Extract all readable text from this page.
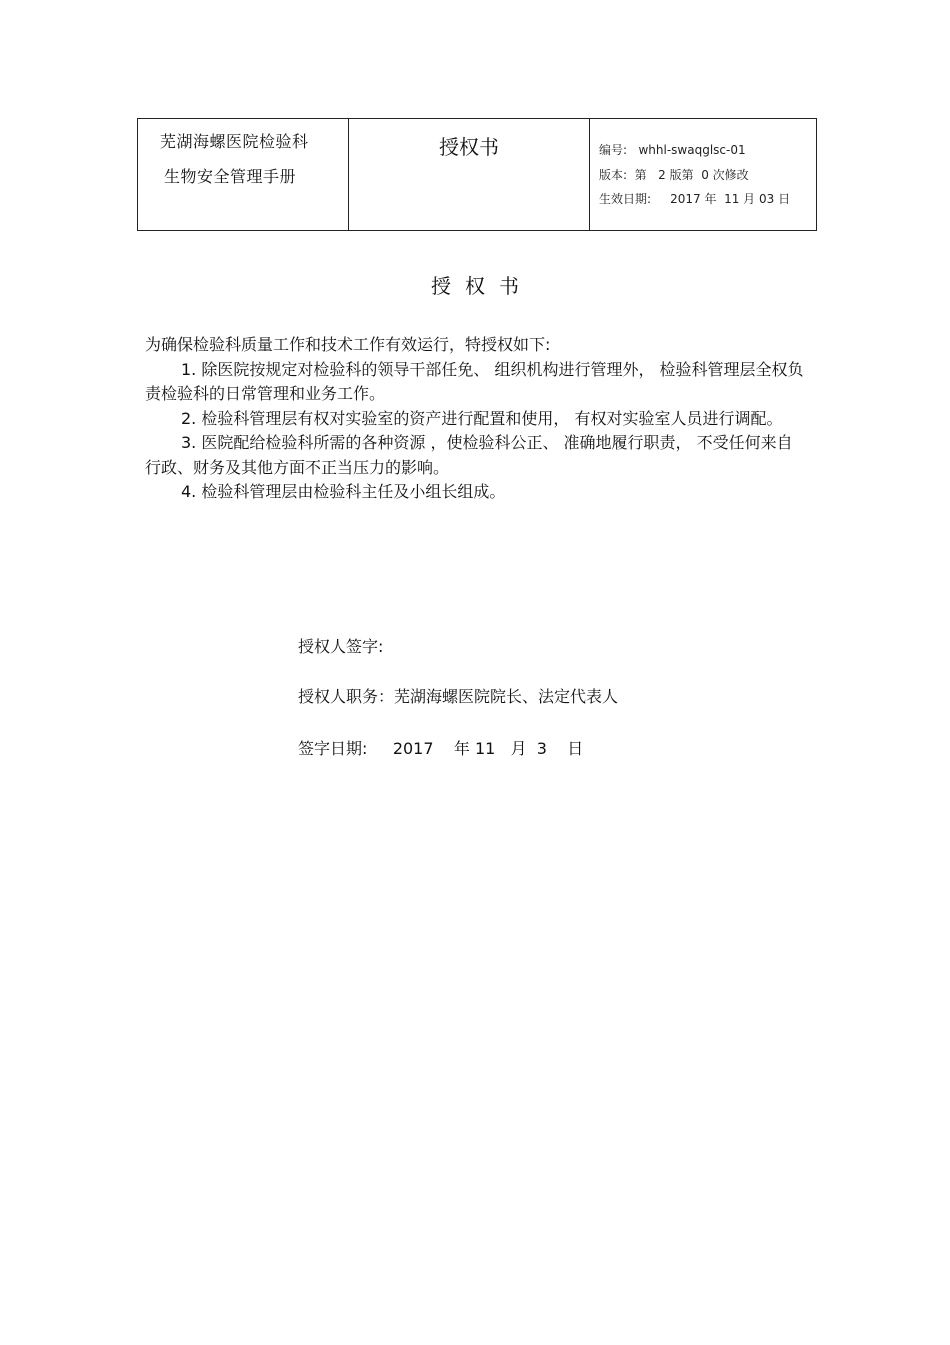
芜湖海螺医院检验科
生物安全管理手册
授权书	编号:   whhl-swaqglsc-01
版本:  第   2 版第  0 次修改
生效日期:     2017 年  11 月 03 日
授权书

为确保检验科质量工作和技术工作有效运行，特授权如下:

1. 除医院按规定对检验科的领导干部任免、 组织机构进行管理外， 检验科管理层全权负责检验科的日常管理和业务工作。

2. 检验科管理层有权对实验室的资产进行配置和使用， 有权对实验室人员进行调配。

3. 医院配给检验科所需的各种资源 ，使检验科公正、 准确地履行职责， 不受任何来自行政、财务及其他方面不正当压力的影响。

4. 检验科管理层由检验科主任及小组长组成。

授权人签字:
授权人职务：芜湖海螺医院院长、法定代表人
签字日期:     2017    年 11   月  3    日
